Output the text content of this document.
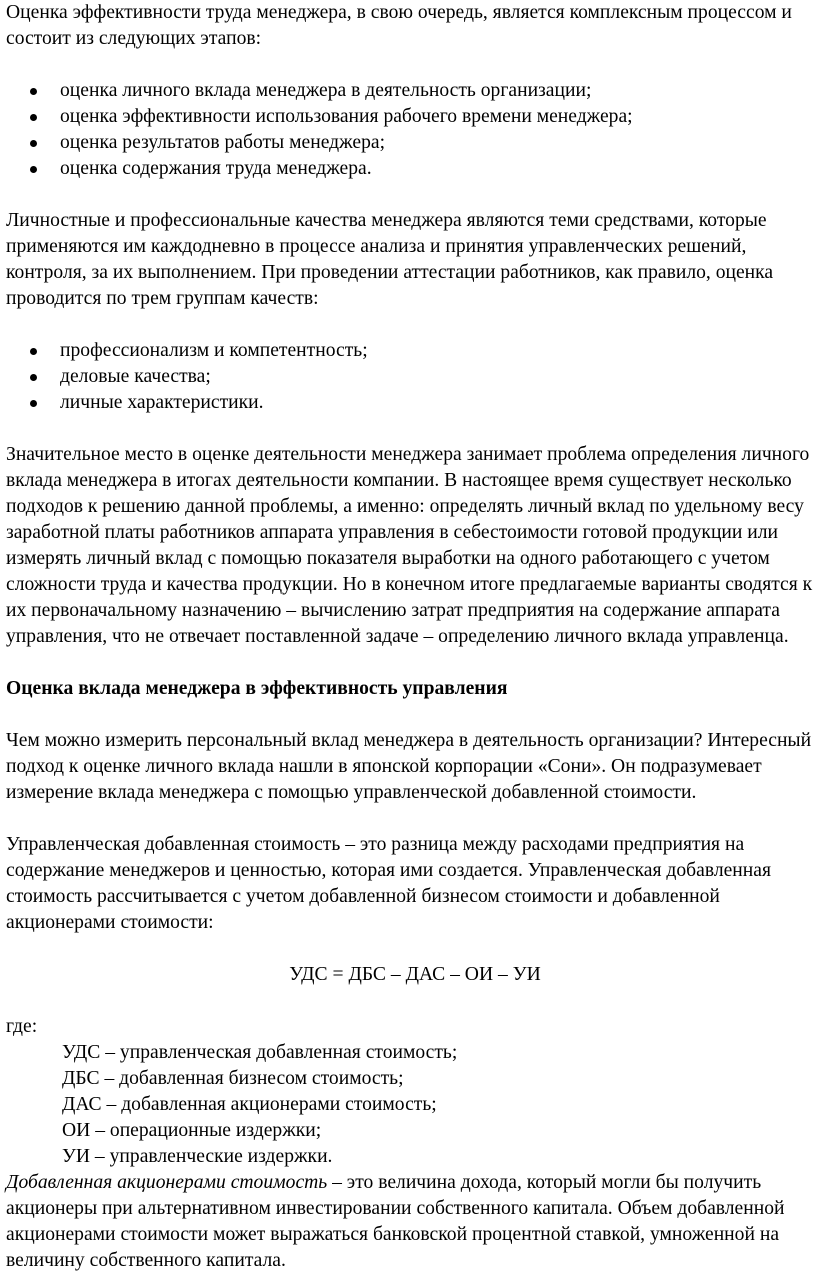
Оценка эффективности труда менеджера, в свою очередь, является комплексным процессом и состоит из следующих этапов:

оценка личного вклада менеджера в деятельность организации;
оценка эффективности использования рабочего времени менеджера;
оценка результатов работы менеджера;
оценка содержания труда менеджера.

Личностные и профессиональные качества менеджера являются теми средствами, которые применяются им каждодневно в процессе анализа и принятия управленческих решений, контроля, за их выполнением. При проведении аттестации работников, как правило, оценка проводится по трем группам качеств:

профессионализм и компетентность;
деловые качества;
личные характеристики.

Значительное место в оценке деятельности менеджера занимает проблема определения личного вклада менеджера в итогах деятельности компании. В настоящее время существует несколько подходов к решению данной проблемы, а именно: определять личный вклад по удельному весу заработной платы работников аппарата управления в себестоимости готовой продукции или измерять личный вклад с помощью показателя выработки на одного работающего с учетом сложности труда и качества продукции. Но в конечном итоге предлагаемые варианты сводятся к их первоначальному назначению – вычислению затрат предприятия на содержание аппарата управления, что не отвечает поставленной задаче – определению личного вклада управленца.

Оценка вклада менеджера в эффективность управления

Чем можно измерить персональный вклад менеджера в деятельность организации? Интересный подход к оценке личного вклада нашли в японской корпорации «Сони». Он подразумевает измерение вклада менеджера с помощью управленческой добавленной стоимости.

Управленческая добавленная стоимость – это разница между расходами предприятия на содержание менеджеров и ценностью, которая ими создается. Управленческая добавленная стоимость рассчитывается с учетом добавленной бизнесом стоимости и добавленной акционерами стоимости:

УДС = ДБС – ДАС – ОИ – УИ

где:

УДС – управленческая добавленная стоимость;

ДБС – добавленная бизнесом стоимость;

ДАС – добавленная акционерами стоимость;

ОИ – операционные издержки;

УИ – управленческие издержки.

Добавленная акционерами стоимость – это величина дохода, который могли бы получить акционеры при альтернативном инвестировании собственного капитала. Объем добавленной акционерами стоимости может выражаться банковской процентной ставкой, умноженной на величину собственного капитала.
